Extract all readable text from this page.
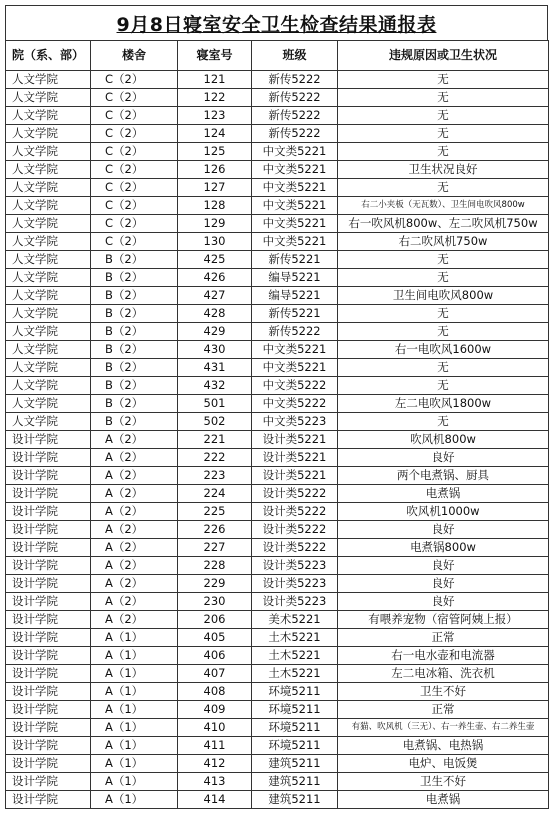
9月8日寝室安全卫生检查结果通报表
院（系、部）	楼舍	寝室号	班级	违规原因或卫生状况
人文学院	C（2）	121	新传5222	无
人文学院	C（2）	122	新传5222	无
人文学院	C（2）	123	新传5222	无
人文学院	C（2）	124	新传5222	无
人文学院	C（2）	125	中文类5221	无
人文学院	C（2）	126	中文类5221	卫生状况良好
人文学院	C（2）	127	中文类5221	无
人文学院	C（2）	128	中文类5221	右二小夹板（无瓦数）、卫生间电吹风800w
人文学院	C（2）	129	中文类5221	右一吹风机800w、左二吹风机750w
人文学院	C（2）	130	中文类5221	右二吹风机750w
人文学院	B（2）	425	新传5221	无
人文学院	B（2）	426	编导5221	无
人文学院	B（2）	427	编导5221	卫生间电吹风800w
人文学院	B（2）	428	新传5221	无
人文学院	B（2）	429	新传5222	无
人文学院	B（2）	430	中文类5221	右一电吹风1600w
人文学院	B（2）	431	中文类5221	无
人文学院	B（2）	432	中文类5222	无
人文学院	B（2）	501	中文类5222	左二电吹风1800w
人文学院	B（2）	502	中文类5223	无
设计学院	A（2）	221	设计类5221	吹风机800w
设计学院	A（2）	222	设计类5221	良好
设计学院	A（2）	223	设计类5221	两个电煮锅、厨具
设计学院	A（2）	224	设计类5222	电煮锅
设计学院	A（2）	225	设计类5222	吹风机1000w
设计学院	A（2）	226	设计类5222	良好
设计学院	A（2）	227	设计类5222	电煮锅800w
设计学院	A（2）	228	设计类5223	良好
设计学院	A（2）	229	设计类5223	良好
设计学院	A（2）	230	设计类5223	良好
设计学院	A（2）	206	美术5221	有喂养宠物（宿管阿姨上报）
设计学院	A（1）	405	土木5221	正常
设计学院	A（1）	406	土木5221	右一电水壶和电流器
设计学院	A（1）	407	土木5221	左二电冰箱、洗衣机
设计学院	A（1）	408	环境5211	卫生不好
设计学院	A（1）	409	环境5211	正常
设计学院	A（1）	410	环境5211	有猫、吹风机（三无）、右一养生壶、右二养生壶
设计学院	A（1）	411	环境5211	电煮锅、电热锅
设计学院	A（1）	412	建筑5211	电炉、电饭煲
设计学院	A（1）	413	建筑5211	卫生不好
设计学院	A（1）	414	建筑5211	电煮锅
